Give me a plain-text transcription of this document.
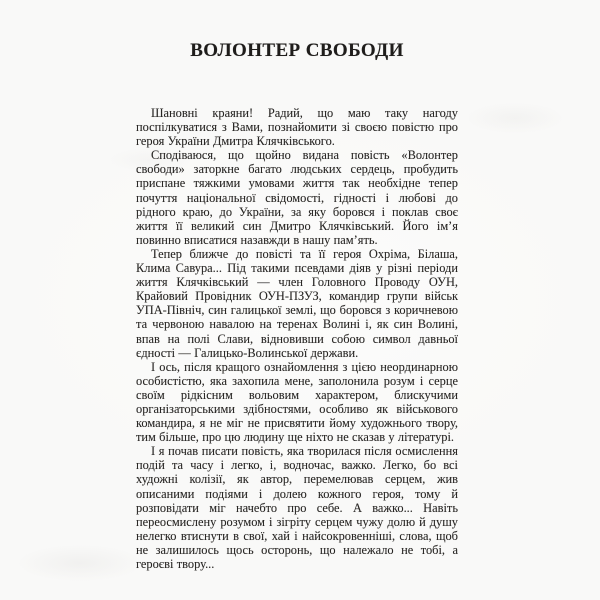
ВОЛОНТЕР СВОБОДИ

Шановні краяни! Радий, що маю таку нагоду поспілкуватися з Вами, познайомити зі своєю повістю про героя України Дмитра Клячківського.

Сподіваюся, що щойно видана повість «Волонтер свободи» заторкне багато людських сердець, пробудить приспане тяжкими умовами життя так необхідне тепер почуття національної свідомості, гідності і любові до рідного краю, до України, за яку боровся і поклав своє життя її великий син Дмитро Клячківський. Його ім’я повинно вписатися назавжди в нашу пам’ять.

Тепер ближче до повісті та її героя Охріма, Білаша, Клима Савура... Під такими псевдами діяв у різні періоди життя Клячківський — член Головного Проводу ОУН, Крайовий Провідник ОУН-ПЗУЗ, командир групи військ УПА-Північ, син галицької землі, що боровся з коричневою та червоною навалою на теренах Волині і, як син Волині, впав на полі Слави, відновивши собою символ давньої єдності — Галицько-Волинської держави.

І ось, після кращого ознайомлення з цією неординарною особистістю, яка захопила мене, заполонила розум і серце своїм рідкісним вольовим характером, блискучими організаторськими здібностями, особливо як військового командира, я не міг не присвятити йому художнього твору, тим більше, про цю людину ще ніхто не сказав у літературі.

І я почав писати повість, яка творилася після осмислення подій та часу і легко, і, водночас, важко. Легко, бо всі художні колізії, як автор, перемелював серцем, жив описаними подіями і долею кожного героя, тому й розповідати міг начебто про себе. А важко... Навіть переосмислену розумом і зігріту серцем чужу долю й душу нелегко втиснути в свої, хай і найсокровенніші, слова, щоб не залишилось щось осторонь, що належало не тобі, а героєві твору...
